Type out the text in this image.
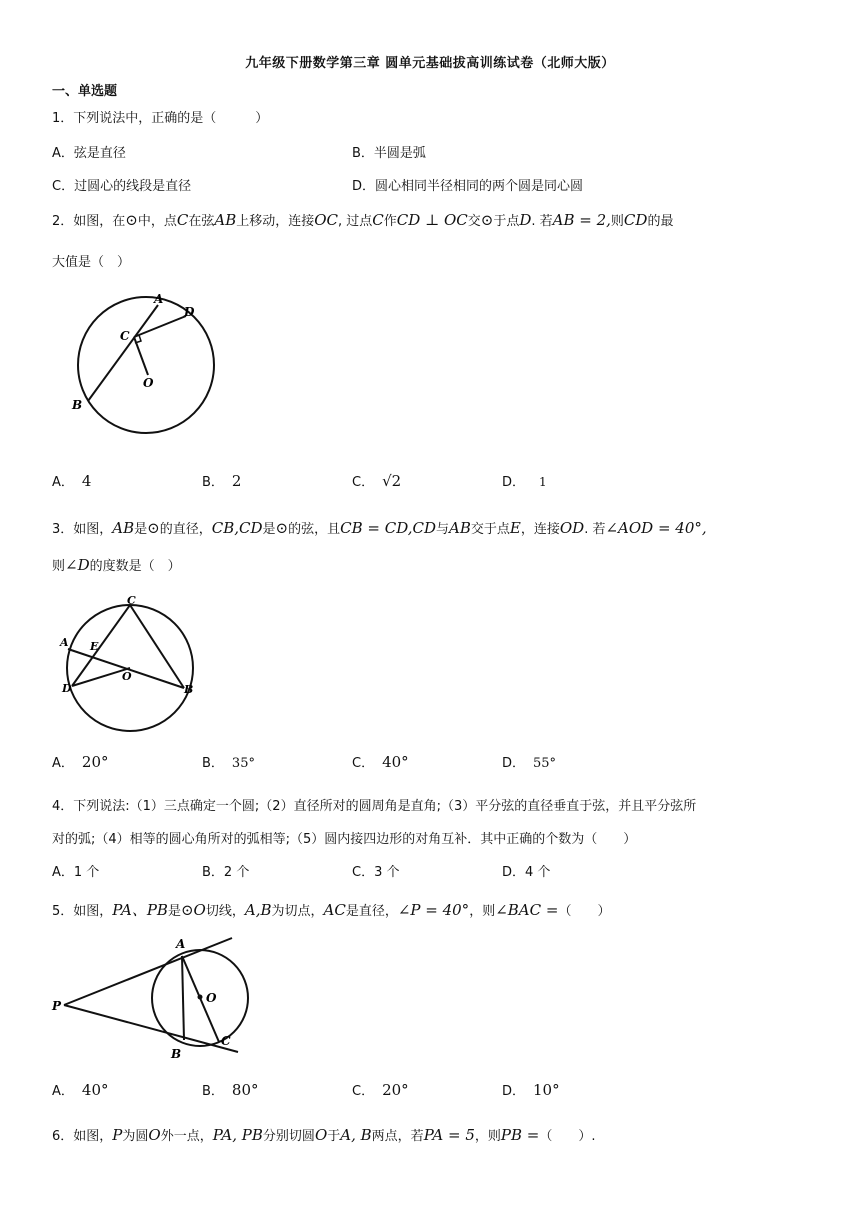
九年级下册数学第三章 圆单元基础拔高训练试卷（北师大版）
一、单选题
1．下列说法中，正确的是（　　　）
A．弦是直径	B．半圆是弧
C．过圆心的线段是直径	D．圆心相同半径相同的两个圆是同心圆
2．如图，在⊙中，点C在弦AB上移动，连接OC, 过点C作CD ⊥ OC交⊙于点D. 若AB = 2,则CD的最
大值是（　）
A
D
C
O
B
A． 4	B． 2	C． √2	D． 1
3．如图，AB是⊙的直径，CB,CD是⊙的弦，且CB = CD,CD与AB交于点E，连接OD. 若∠AOD = 40°,
则∠D的度数是（　）
C
A E
D
O
B
A． 20°	B． 35°	C． 40°	D． 55°
4．下列说法:（1）三点确定一个圆;（2）直径所对的圆周角是直角;（3）平分弦的直径垂直于弦，并且平分弦所
对的弧;（4）相等的圆心角所对的弧相等;（5）圆内接四边形的对角互补．其中正确的个数为（　　）
A．1 个	B．2 个	C．3 个	D．4 个
5．如图，PA、PB是⊙O切线，A,B为切点，AC是直径，∠P = 40°，则∠BAC =（　　）
A
P
O
B
C
A． 40°	B． 80°	C． 20°	D． 10°
6．如图，P为圆O外一点，PA, PB分别切圆O于A, B两点，若PA = 5，则PB =（　　）.
